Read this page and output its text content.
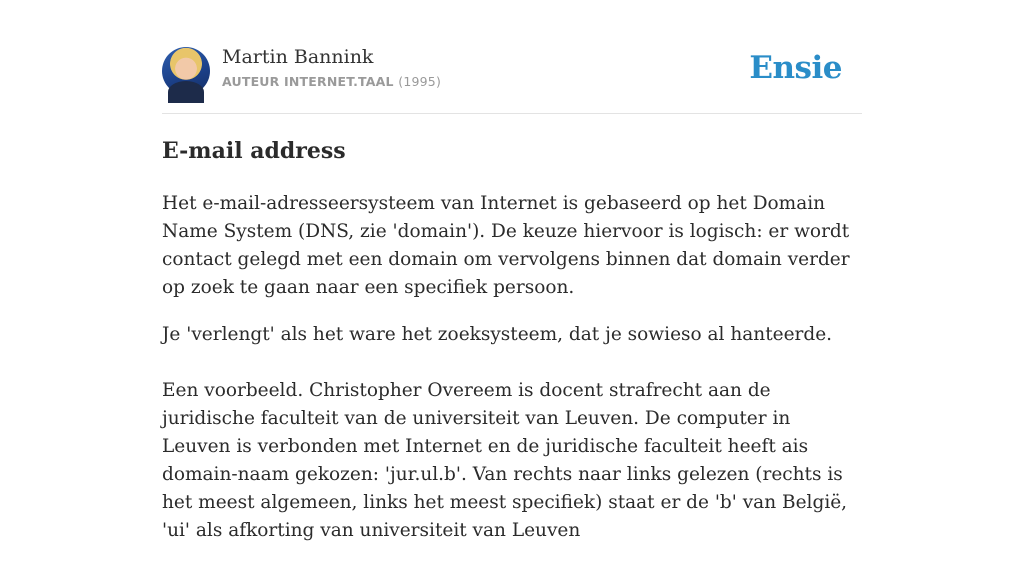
Martin Bannink
AUTEUR INTERNET.TAAL (1995)	Ensie
E-mail address

Het e-mail-adresseersysteem van Internet is gebaseerd op het Domain Name System (DNS, zie 'domain'). De keuze hiervoor is logisch: er wordt contact gelegd met een domain om vervolgens binnen dat domain verder op zoek te gaan naar een specifiek persoon.

Je 'verlengt' als het ware het zoeksysteem, dat je sowieso al hanteerde.

Een voorbeeld. Christopher Overeem is docent strafrecht aan de juridische faculteit van de universiteit van Leuven. De computer in Leuven is verbonden met Internet en de juridische faculteit heeft ais domain-naam gekozen: 'jur.ul.b'. Van rechts naar links gelezen (rechts is het meest algemeen, links het meest specifiek) staat er de 'b' van België, 'ui' als afkorting van universiteit van Leuven
